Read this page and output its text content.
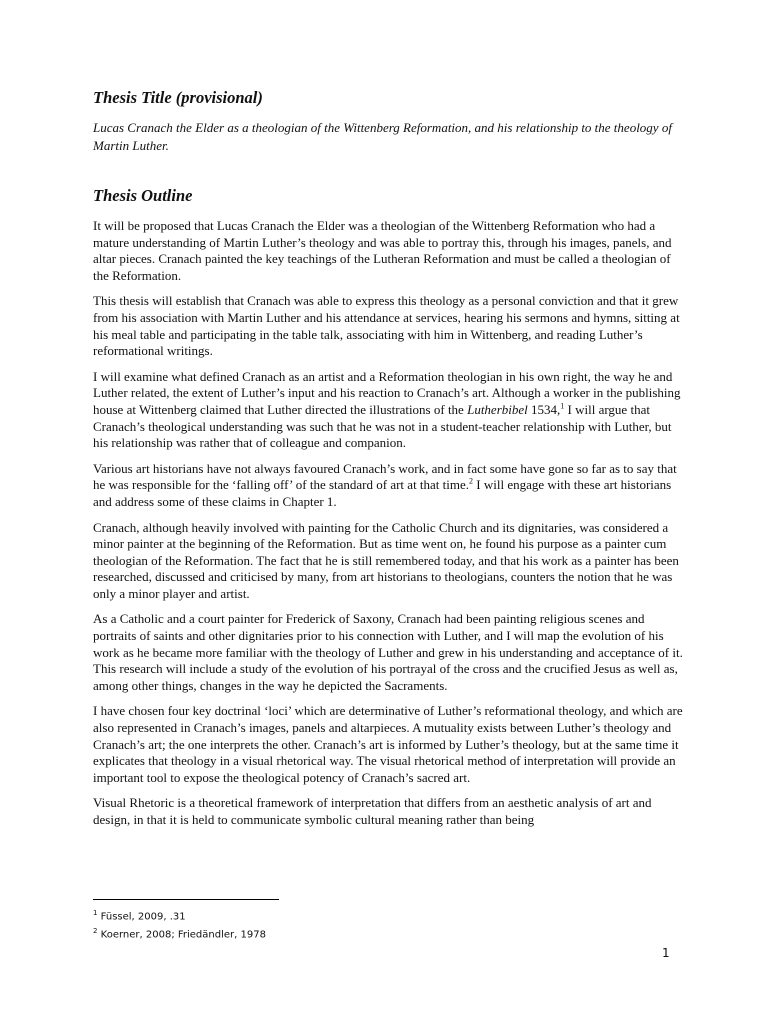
Thesis Title (provisional)

Lucas Cranach the Elder as a theologian of the Wittenberg Reformation, and his relationship to the theology of Martin Luther.

Thesis Outline

It will be proposed that Lucas Cranach the Elder was a theologian of the Wittenberg Reformation who had a mature understanding of Martin Luther’s theology and was able to portray this, through his images, panels, and altar pieces. Cranach painted the key teachings of the Lutheran Reformation and must be called a theologian of the Reformation.

This thesis will establish that Cranach was able to express this theology as a personal conviction and that it grew from his association with Martin Luther and his attendance at services, hearing his sermons and hymns, sitting at his meal table and participating in the table talk, associating with him in Wittenberg, and reading Luther’s reformational writings.

I will examine what defined Cranach as an artist and a Reformation theologian in his own right, the way he and Luther related, the extent of Luther’s input and his reaction to Cranach’s art. Although a worker in the publishing house at Wittenberg claimed that Luther directed the illustrations of the Lutherbibel 1534,$^1$ I will argue that Cranach’s theological understanding was such that he was not in a student-teacher relationship with Luther, but his relationship was rather that of colleague and companion.

Various art historians have not always favoured Cranach’s work, and in fact some have gone so far as to say that he was responsible for the ‘falling off’ of the standard of art at that time.$^2$ I will engage with these art historians and address some of these claims in Chapter 1.

Cranach, although heavily involved with painting for the Catholic Church and its dignitaries, was considered a minor painter at the beginning of the Reformation. But as time went on, he found his purpose as a painter cum theologian of the Reformation. The fact that he is still remembered today, and that his work as a painter has been researched, discussed and criticised by many, from art historians to theologians, counters the notion that he was only a minor player and artist.

As a Catholic and a court painter for Frederick of Saxony, Cranach had been painting religious scenes and portraits of saints and other dignitaries prior to his connection with Luther, and I will map the evolution of his work as he became more familiar with the theology of Luther and grew in his understanding and acceptance of it. This research will include a study of the evolution of his portrayal of the cross and the crucified Jesus as well as, among other things, changes in the way he depicted the Sacraments.

I have chosen four key doctrinal ‘loci’ which are determinative of Luther’s reformational theology, and which are also represented in Cranach’s images, panels and altarpieces. A mutuality exists between Luther’s theology and Cranach’s art; the one interprets the other. Cranach’s art is informed by Luther’s theology, but at the same time it explicates that theology in a visual rhetorical way. The visual rhetorical method of interpretation will provide an important tool to expose the theological potency of Cranach’s sacred art.

Visual Rhetoric is a theoretical framework of interpretation that differs from an aesthetic analysis of art and design, in that it is held to communicate symbolic cultural meaning rather than being

$^1$ Füssel, 2009, .31
$^2$ Koerner, 2008; Friedändler, 1978
1
